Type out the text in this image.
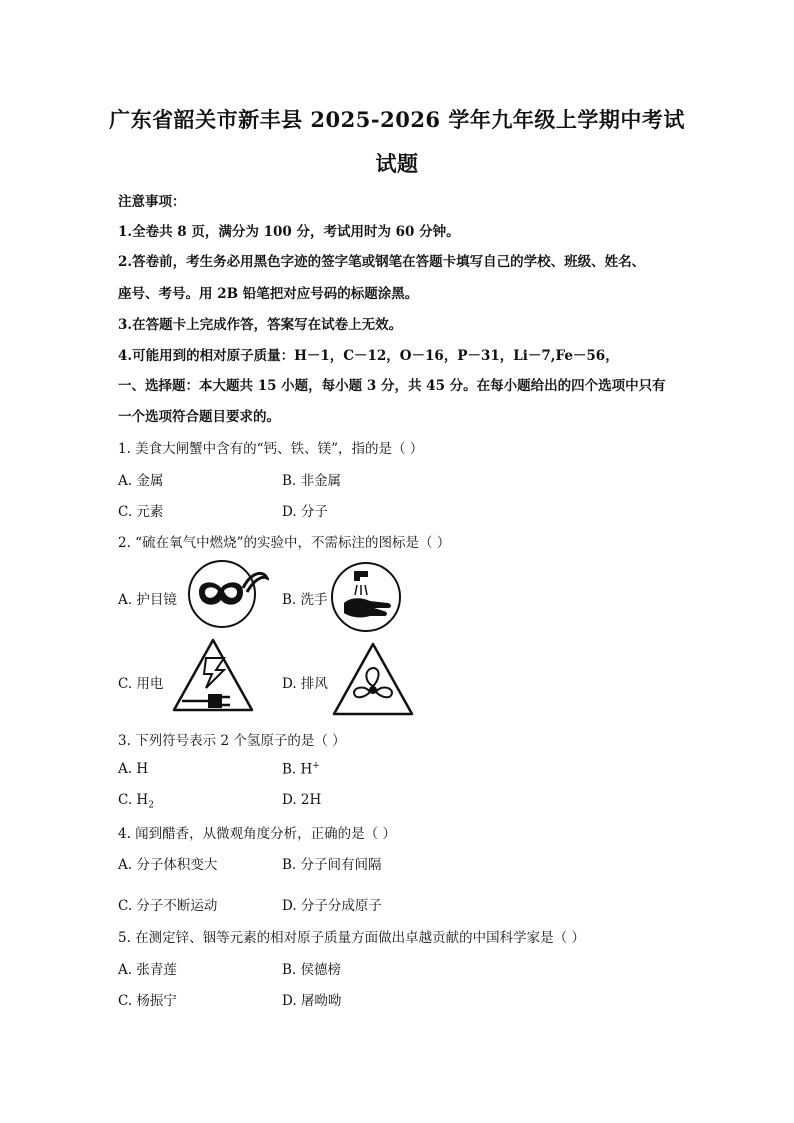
广东省韶关市新丰县 2025-2026 学年九年级上学期中考试
试题
注意事项：
1.全卷共 8 页，满分为 100 分，考试用时为 60 分钟。
2.答卷前，考生务必用黑色字迹的签字笔或钢笔在答题卡填写自己的学校、班级、姓名、
座号、考号。用 2B 铅笔把对应号码的标题涂黑。
3.在答题卡上完成作答，答案写在试卷上无效。
4.可能用到的相对原子质量：H－1，C－12，O－16，P－31，Li－7,Fe－56，
一、选择题：本大题共 15 小题，每小题 3 分，共 45 分。在每小题给出的四个选项中只有
一个选项符合题目要求的。
1. 美食大闸蟹中含有的“钙、铁、镁”，指的是（ ）
A. 金属	B. 非金属
C. 元素	D. 分子
2. “硫在氧气中燃烧”的实验中，不需标注的图标是（ ）
A. 护目镜	B. 洗手
C. 用电	D. 排风
3. 下列符号表示 2 个氢原子的是（ ）
A. H	B. H+
C. $H_2$	D. 2H
4. 闻到醋香，从微观角度分析，正确的是（ ）
A. 分子体积变大	B. 分子间有间隔
C. 分子不断运动	D. 分子分成原子
5. 在测定锌、铟等元素的相对原子质量方面做出卓越贡献的中国科学家是（ ）
A. 张青莲	B. 侯德榜
C. 杨振宁	D. 屠呦呦
